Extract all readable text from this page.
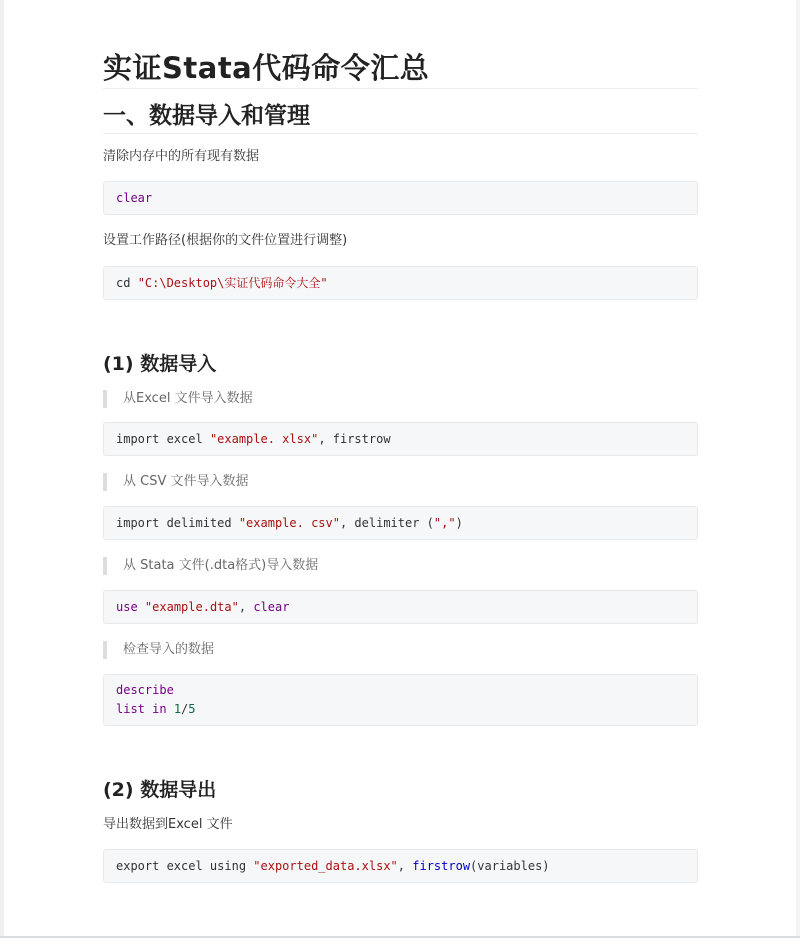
实证Stata代码命令汇总
一、数据导入和管理

清除内存中的所有现有数据

clear

设置工作路径(根据你的文件位置进行调整)

cd "C:\Desktop\实证代码命令大全"
(1) 数据导入
从Excel 文件导入数据
import excel "example. xlsx", firstrow
从 CSV 文件导入数据
import delimited "example. csv", delimiter (",")
从 Stata 文件(.dta格式)导入数据
use "example.dta", clear
检查导入的数据
describe
list in 1/5
(2) 数据导出

导出数据到Excel 文件

export excel using "exported_data.xlsx", firstrow(variables)
